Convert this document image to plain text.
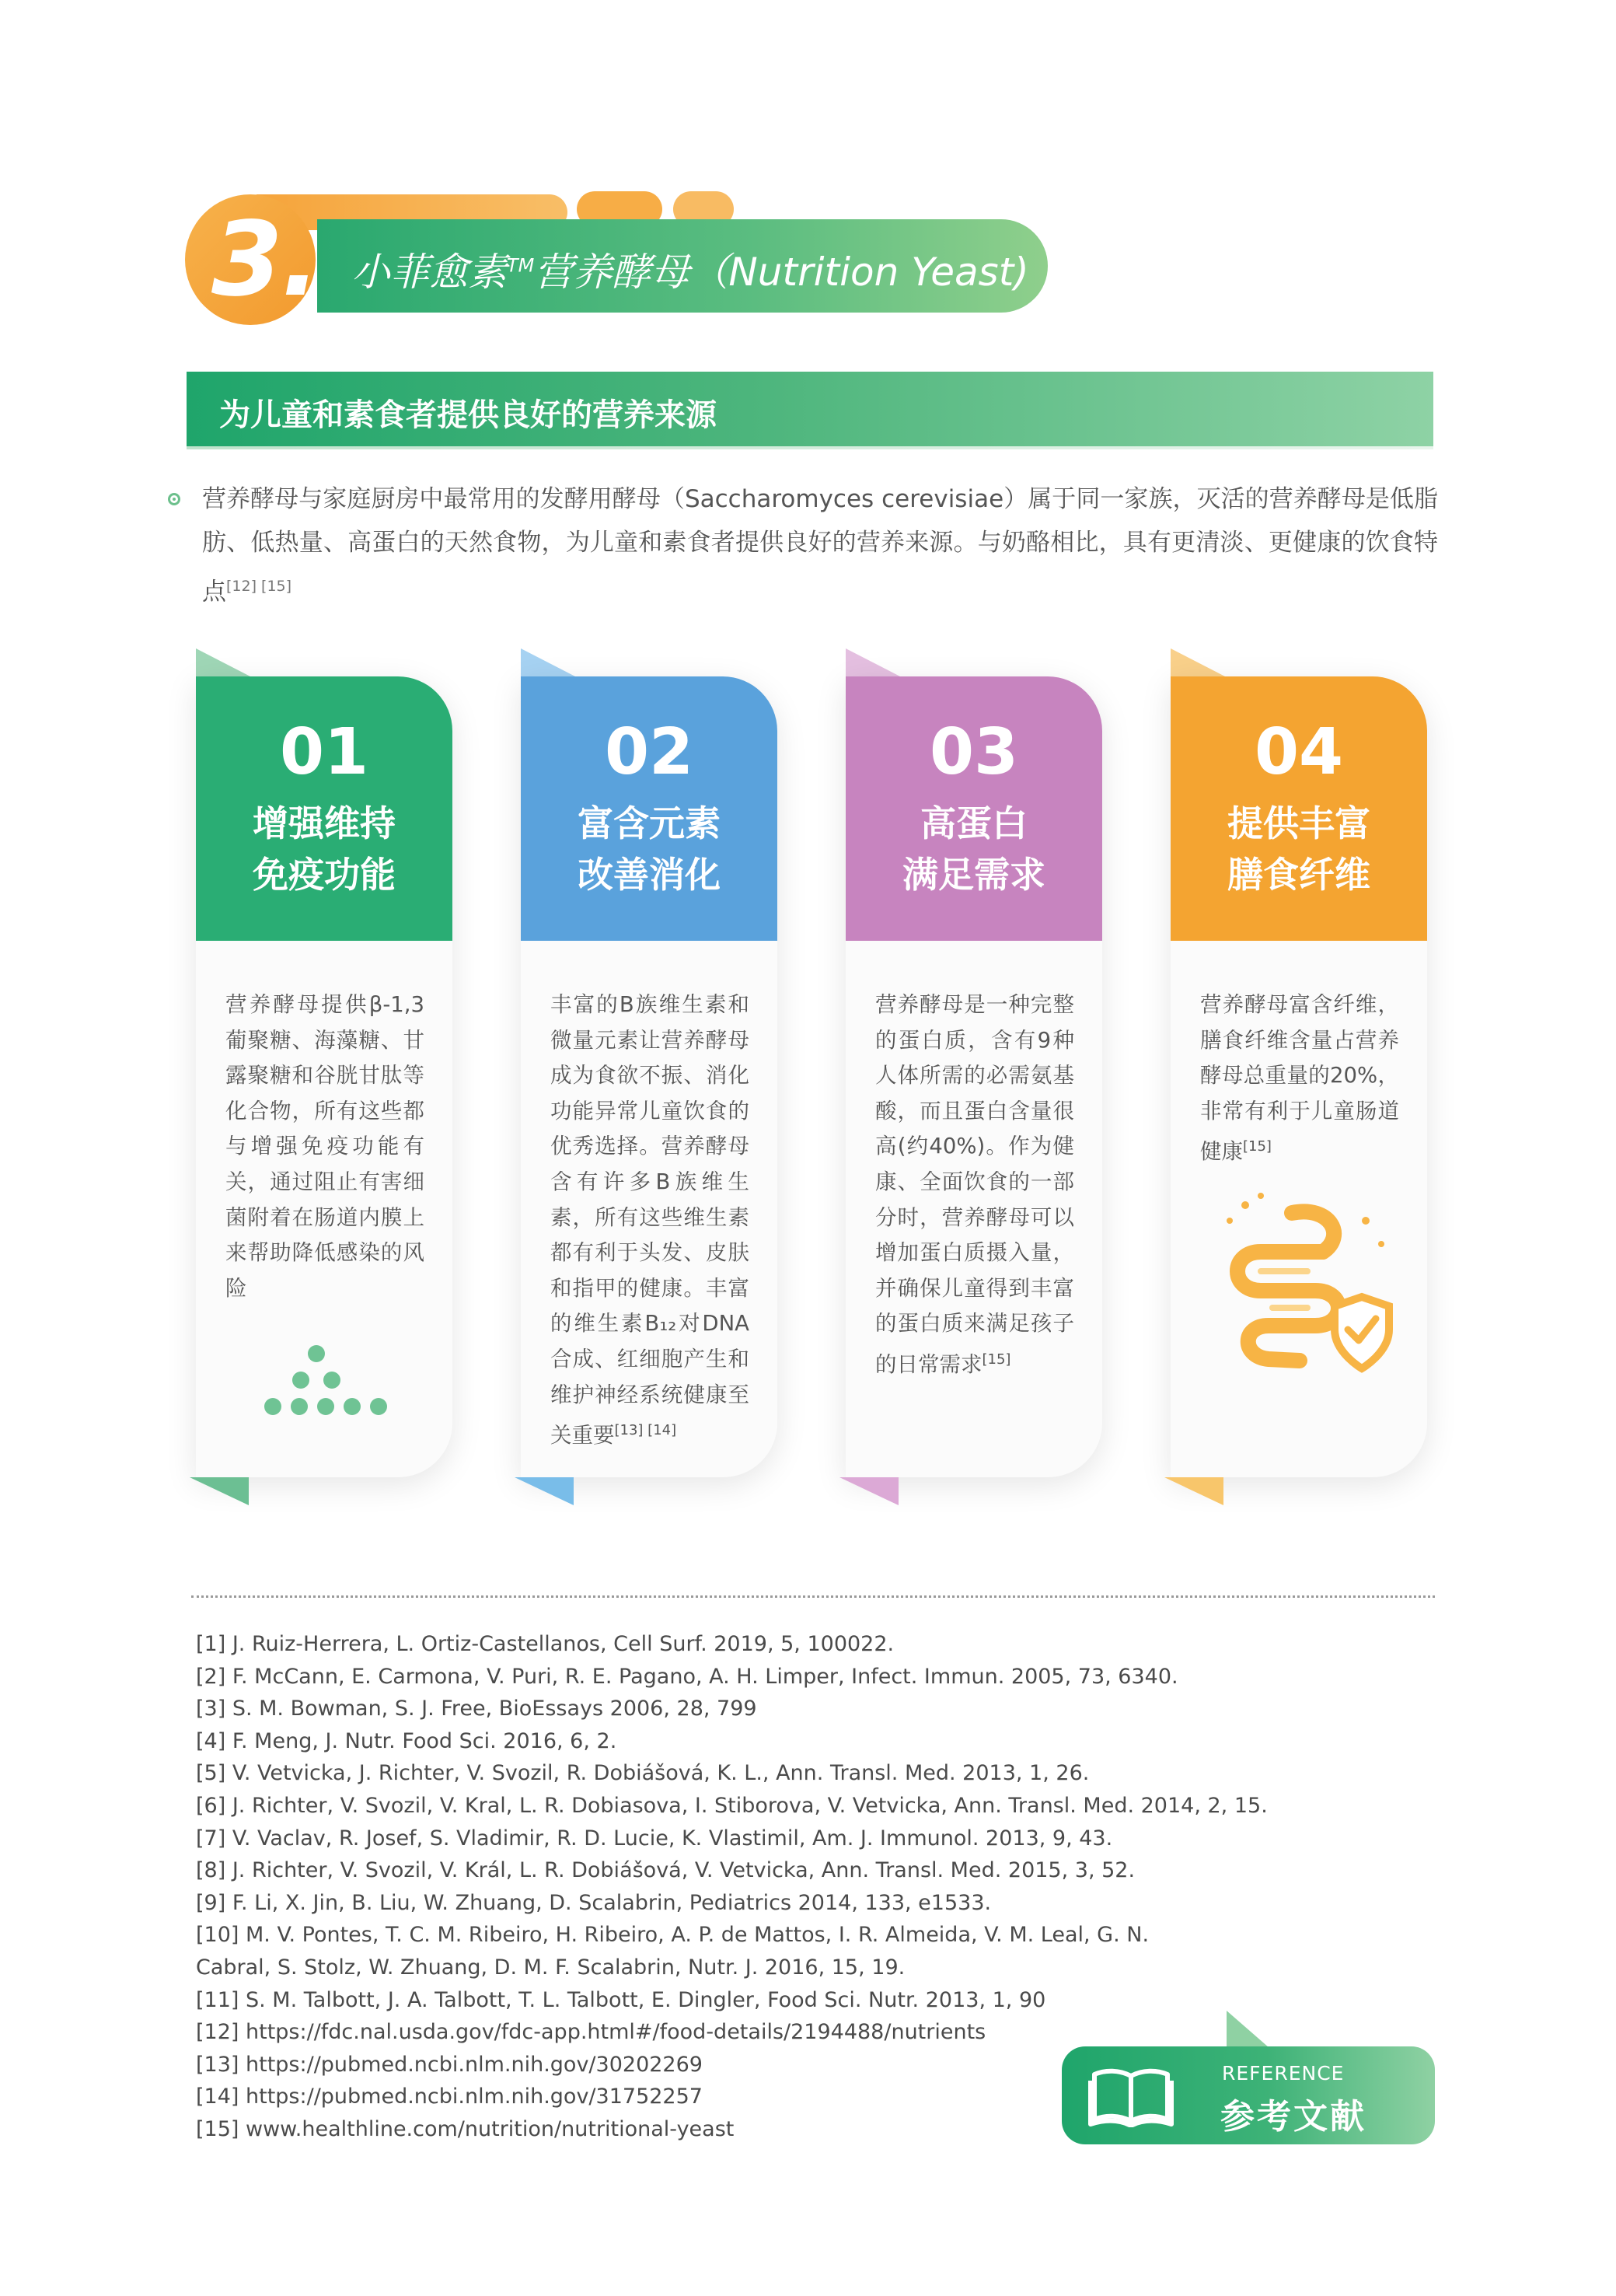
3. 小菲愈素™营养酵母（Nutrition Yeast)
为儿童和素食者提供良好的营养来源
营养酵母与家庭厨房中最常用的发酵用酵母（Saccharomyces cerevisiae）属于同一家族，灭活的营养酵母是低脂肪、低热量、高蛋白的天然食物，为儿童和素食者提供良好的营养来源。与奶酪相比，具有更清淡、更健康的饮食特点[12] [15]
01
增强维持
免疫功能
营养酵母提供β-1,3葡聚糖、海藻糖、甘露聚糖和谷胱甘肽等化合物，所有这些都与增强免疫功能有关，通过阻止有害细菌附着在肠道内膜上来帮助降低感染的风险
02
富含元素
改善消化
丰富的B族维生素和微量元素让营养酵母成为食欲不振、消化功能异常儿童饮食的优秀选择。营养酵母含有许多B族维生素，所有这些维生素都有利于头发、皮肤和指甲的健康。丰富的维生素B₁₂对DNA合成、红细胞产生和维护神经系统健康至关重要[13] [14]
03
高蛋白
满足需求
营养酵母是一种完整的蛋白质，含有9种人体所需的必需氨基酸，而且蛋白含量很高(约40%)。作为健康、全面饮食的一部分时，营养酵母可以增加蛋白质摄入量，并确保儿童得到丰富的蛋白质来满足孩子的日常需求[15]
04
提供丰富
膳食纤维
营养酵母富含纤维，膳食纤维含量占营养酵母总重量的20%，非常有利于儿童肠道健康[15]
[1] J. Ruiz-Herrera, L. Ortiz-Castellanos, Cell Surf. 2019, 5, 100022.
[2] F. McCann, E. Carmona, V. Puri, R. E. Pagano, A. H. Limper, Infect. Immun. 2005, 73, 6340.
[3] S. M. Bowman, S. J. Free, BioEssays 2006, 28, 799
[4] F. Meng, J. Nutr. Food Sci. 2016, 6, 2.
[5] V. Vetvicka, J. Richter, V. Svozil, R. Dobiášová, K. L., Ann. Transl. Med. 2013, 1, 26.
[6] J. Richter, V. Svozil, V. Kral, L. R. Dobiasova, I. Stiborova, V. Vetvicka, Ann. Transl. Med. 2014, 2, 15.
[7] V. Vaclav, R. Josef, S. Vladimir, R. D. Lucie, K. Vlastimil, Am. J. Immunol. 2013, 9, 43.
[8] J. Richter, V. Svozil, V. Král, L. R. Dobiášová, V. Vetvicka, Ann. Transl. Med. 2015, 3, 52.
[9] F. Li, X. Jin, B. Liu, W. Zhuang, D. Scalabrin, Pediatrics 2014, 133, e1533.
[10] M. V. Pontes, T. C. M. Ribeiro, H. Ribeiro, A. P. de Mattos, I. R. Almeida, V. M. Leal, G. N. Cabral, S. Stolz, W. Zhuang, D. M. F. Scalabrin, Nutr. J. 2016, 15, 19.
[11] S. M. Talbott, J. A. Talbott, T. L. Talbott, E. Dingler, Food Sci. Nutr. 2013, 1, 90
[12] https://fdc.nal.usda.gov/fdc-app.html#/food-details/2194488/nutrients
[13] https://pubmed.ncbi.nlm.nih.gov/30202269
[14] https://pubmed.ncbi.nlm.nih.gov/31752257
[15] www.healthline.com/nutrition/nutritional-yeast
REFERENCE
参考文献
